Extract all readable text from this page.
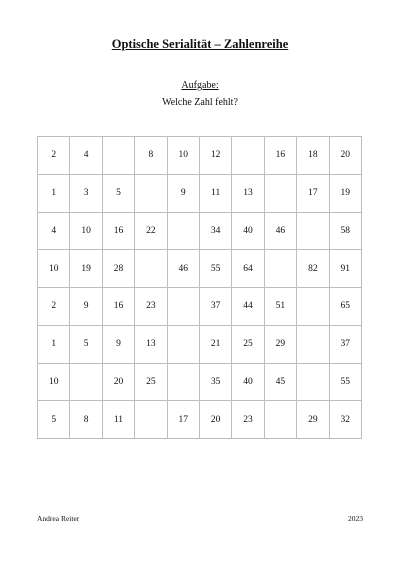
Optische Serialität – Zahlenreihe
Aufgabe:
Welche Zahl fehlt?
2	4		8	10	12		16	18	20
1	3	5		9	11	13		17	19
4	10	16	22		34	40	46		58
10	19	28		46	55	64		82	91
2	9	16	23		37	44	51		65
1	5	9	13		21	25	29		37
10		20	25		35	40	45		55
5	8	11		17	20	23		29	32
Andrea Reiter	2023
